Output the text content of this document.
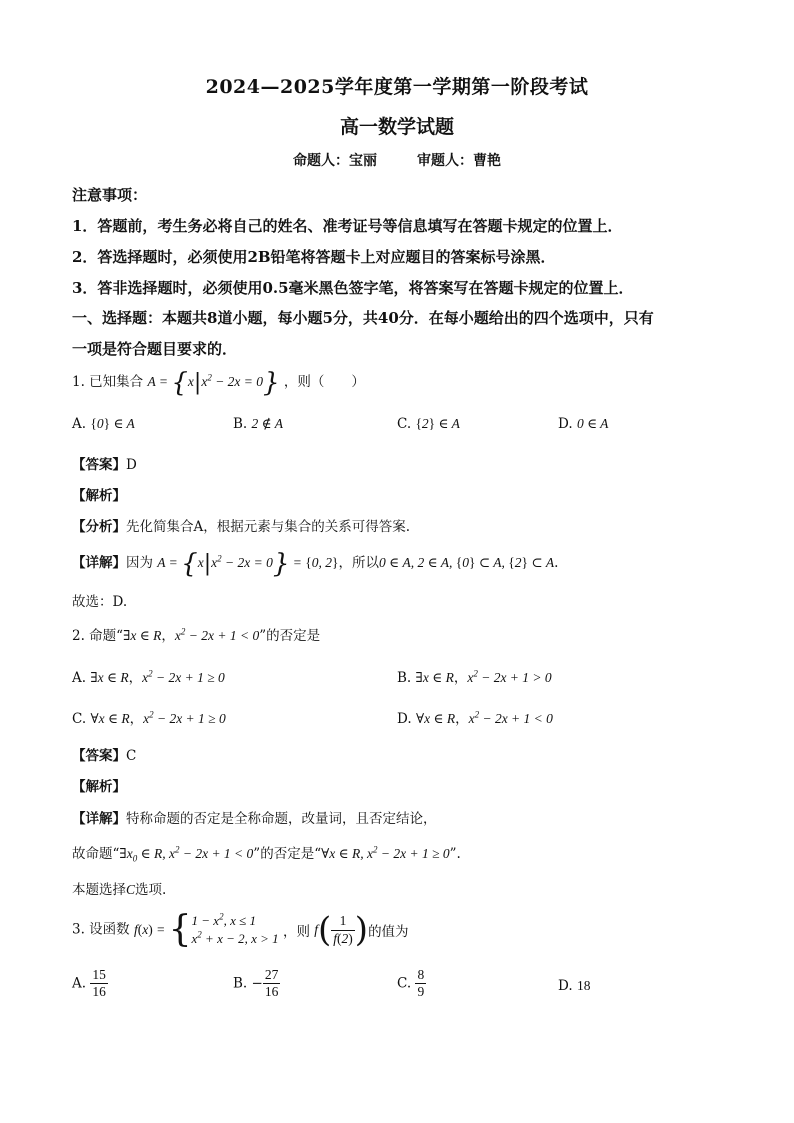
2024—2025学年度第一学期第一阶段考试
高一数学试题
命题人：宝丽	审题人：曹艳
注意事项：
1．答题前，考生务必将自己的姓名、准考证号等信息填写在答题卡规定的位置上．
2．答选择题时，必须使用2B铅笔将答题卡上对应题目的答案标号涂黑．
3．答非选择题时，必须使用0.5毫米黑色签字笔，将答案写在答题卡规定的位置上．
一、选择题：本题共8道小题，每小题5分，共40分．在每小题给出的四个选项中，只有
一项是符合题目要求的．
1. 已知集合 $A = \{x|x^2 - 2x = 0\}$ ，则（　　）
A. {0} ∈ A	B. 2 ∉ A	C. {2} ∈ A	D. 0 ∈ A
【答案】D
【解析】
【分析】先化简集合A，根据元素与集合的关系可得答案.
【详解】因为 $A = \{x|x^2 - 2x = 0\} = \{0$, 2}，所以0 ∈ A, 2 ∈ A, {0} ⊂ A, {2} ⊂ A.
故选：D.
2. 命题“∃x ∈ R，$x^2 - 2x + 1 < 0$”的否定是
A. ∃x ∈ R，$x^2 - 2x + 1 \ge 0$	B. ∃x ∈ R，$x^2 - 2x + 1 > 0$
C. ∀x ∈ R，$x^2 - 2x + 1 \ge 0$	D. ∀x ∈ R，$x^2 - 2x + 1 < 0$
【答案】C
【解析】
【详解】特称命题的否定是全称命题，改量词，且否定结论，
故命题“$\exists x_0$ ∈ R, $x^2 - 2x + 1 < 0$”的否定是“∀x ∈ R, $x^2 - 2x + 1 \ge 0$”.
本题选择C选项.
3. 设函数 f(x) = { $1 - x^2$, x ≤ 1
$x^2 + x - 2$, x > 1 ，则 $f( \frac{1}{f(2)}$ )的值为
A. $\frac{15}{16}$	B. − $\frac{27}{16}$	C. $\frac{8}{9}$	D. 18
